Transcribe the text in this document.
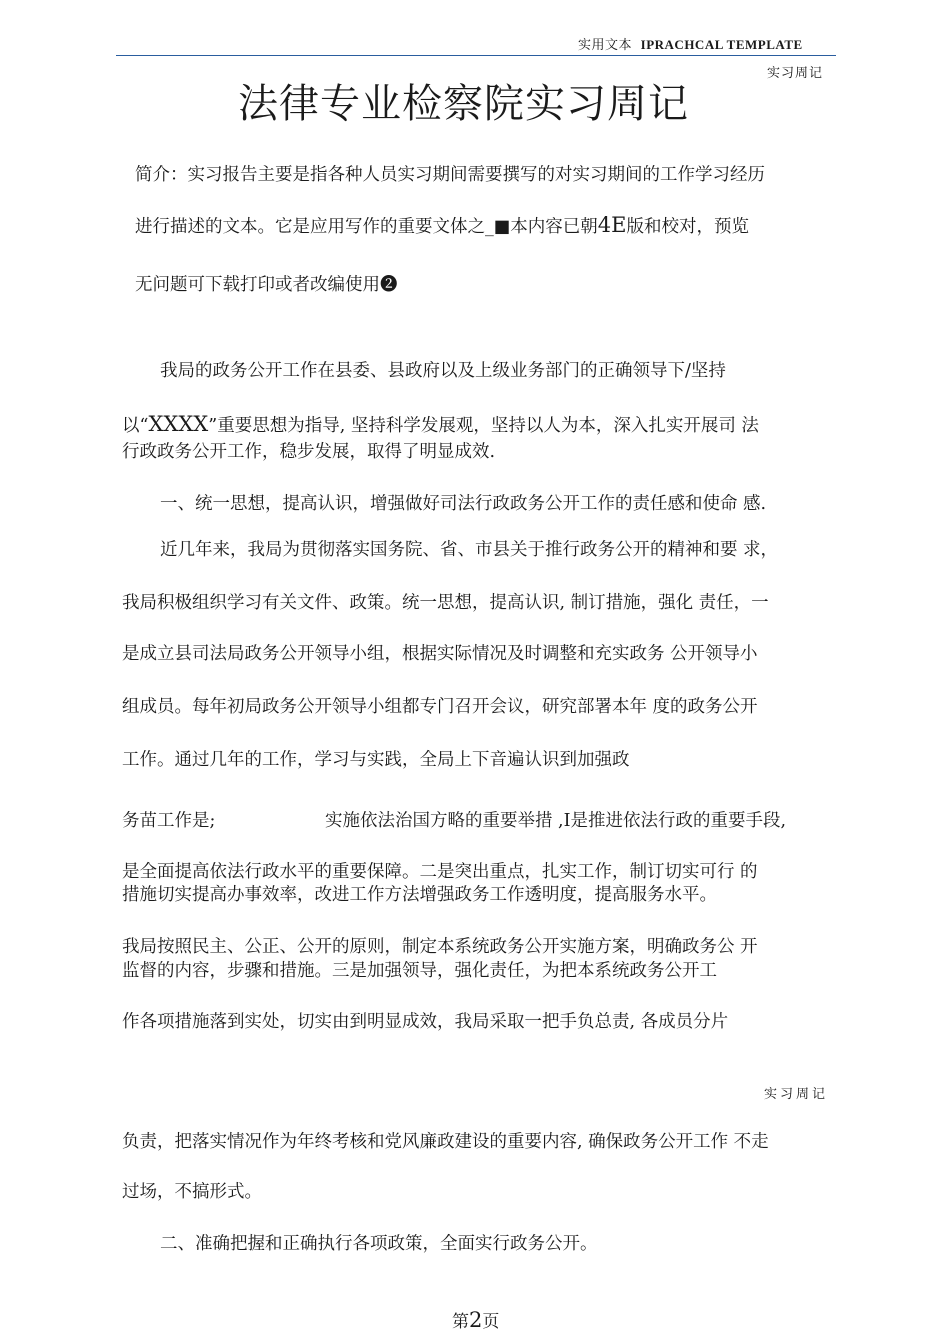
实用文本 IPRACHCAL TEMPLATE
实习周记
法律专业检察院实习周记
简介：实习报告主要是指各种人员实习期间需要撰写的对实习期间的工作学习经历
进行描述的文本。它是应用写作的重要文体之_■本内容已朝4E版和校对，预览
无问题可下载打印或者改编使用❷
我局的政务公开工作在县委、县政府以及上级业务部门的正确领导下/坚持
以“XXXX”重要思想为指导, 坚持科学发展观，坚持以人为本，深入扎实开展司 法
行政政务公开工作，稳步发展，取得了明显成效.
一、统一思想，提高认识，增强做好司法行政政务公开工作的责任感和使命 感.
近几年来，我局为贯彻落实国务院、省、市县关于推行政务公开的精神和要 求，
我局积极组织学习有关文件、政策。统一思想，提高认识, 制订措施，强化 责任，一
是成立县司法局政务公开领导小组，根据实际情况及时调整和充实政务 公开领导小
组成员。每年初局政务公开领导小组都专门召开会议，研究部署本年 度的政务公开
工作。通过几年的工作，学习与实践，全局上下音遍认识到加强政
务苗工作是;	实施依法治国方略的重要举措 ,Ⅰ是推进依法行政的重要手段,
是全面提高依法行政水平的重要保障。二是突出重点，扎实工作，制订切实可行 的
措施切实提高办事效率，改进工作方法增强政务工作透明度，提高服务水平。
我局按照民主、公正、公开的原则，制定本系统政务公开实施方案，明确政务公 开
监督的内容，步骤和措施。三是加强领导，强化责任，为把本系统政务公开工
作各项措施落到实处，切实由到明显成效，我局采取一把手负总责, 各成员分片
实习周记
负责，把落实情况作为年终考核和党风廉政建设的重要内容, 确保政务公开工作 不走
过场，不搞形式。
二、准确把握和正确执行各项政策，全面实行政务公开。
第2页
